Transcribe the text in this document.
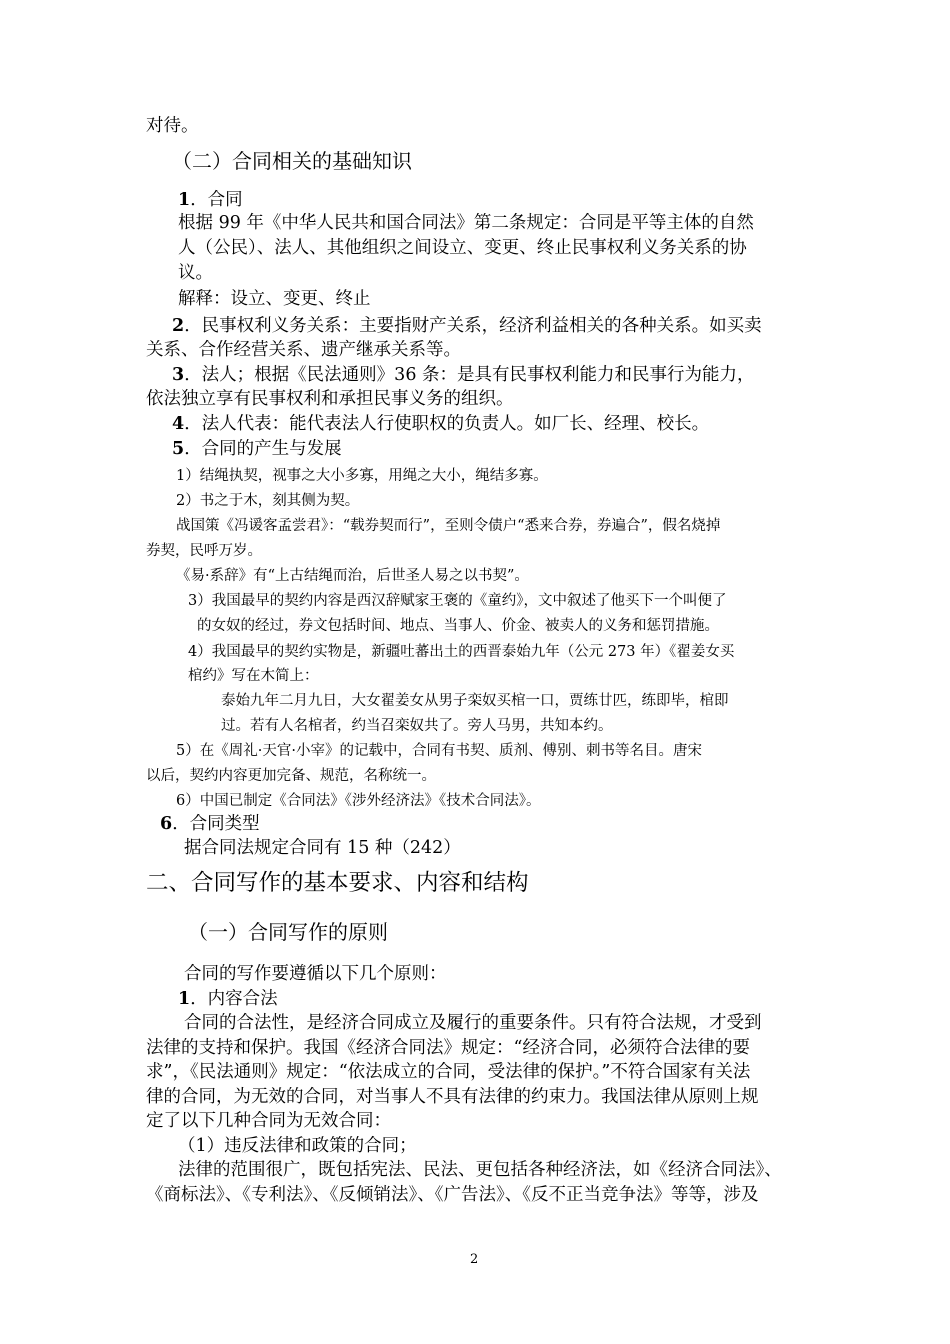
对待。
（二）合同相关的基础知识
1．合同
根据 99 年《中华人民共和国合同法》第二条规定：合同是平等主体的自然
人（公民）、法人、其他组织之间设立、变更、终止民事权利义务关系的协
议。
解释：设立、变更、终止
2．民事权利义务关系：主要指财产关系，经济利益相关的各种关系。如买卖
关系、合作经营关系、遗产继承关系等。
3．法人；根据《民法通则》36 条：是具有民事权利能力和民事行为能力，
依法独立享有民事权利和承担民事义务的组织。
4．法人代表：能代表法人行使职权的负责人。如厂长、经理、校长。
5．合同的产生与发展
1）结绳执契，视事之大小多寡，用绳之大小，绳结多寡。
2）书之于木，刻其侧为契。
战国策《冯谖客孟尝君》：“载券契而行”，至则令债户“悉来合券，券遍合”，假名烧掉
券契，民呼万岁。
《易·系辞》有“上古结绳而治，后世圣人易之以书契”。
3）我国最早的契约内容是西汉辞赋家王褒的《童约》，文中叙述了他买下一个叫便了
的女奴的经过，券文包括时间、地点、当事人、价金、被卖人的义务和惩罚措施。
4）我国最早的契约实物是，新疆吐蕃出土的西晋泰始九年（公元 273 年）《翟姜女买
棺约》写在木简上：
泰始九年二月九日，大女翟姜女从男子栾奴买棺一口，贾练廿匹，练即毕，棺即
过。若有人名棺者，约当召栾奴共了。旁人马男，共知本约。
5）在《周礼·天官·小宰》的记载中，合同有书契、质剂、傅别、刺书等名目。唐宋
以后，契约内容更加完备、规范，名称统一。
6）中国已制定《合同法》《涉外经济法》《技术合同法》。
6．合同类型
据合同法规定合同有 15 种（242）
二、合同写作的基本要求、内容和结构
（一）合同写作的原则
合同的写作要遵循以下几个原则：
1．内容合法
合同的合法性，是经济合同成立及履行的重要条件。只有符合法规，才受到
法律的支持和保护。我国《经济合同法》规定：“经济合同，必须符合法律的要
求”，《民法通则》规定：“依法成立的合同，受法律的保护。”不符合国家有关法
律的合同，为无效的合同，对当事人不具有法律的约束力。我国法律从原则上规
定了以下几种合同为无效合同：
（1）违反法律和政策的合同；
法律的范围很广，既包括宪法、民法、更包括各种经济法，如《经济合同法》、
《商标法》、《专利法》、《反倾销法》、《广告法》、《反不正当竞争法》等等，涉及
2
